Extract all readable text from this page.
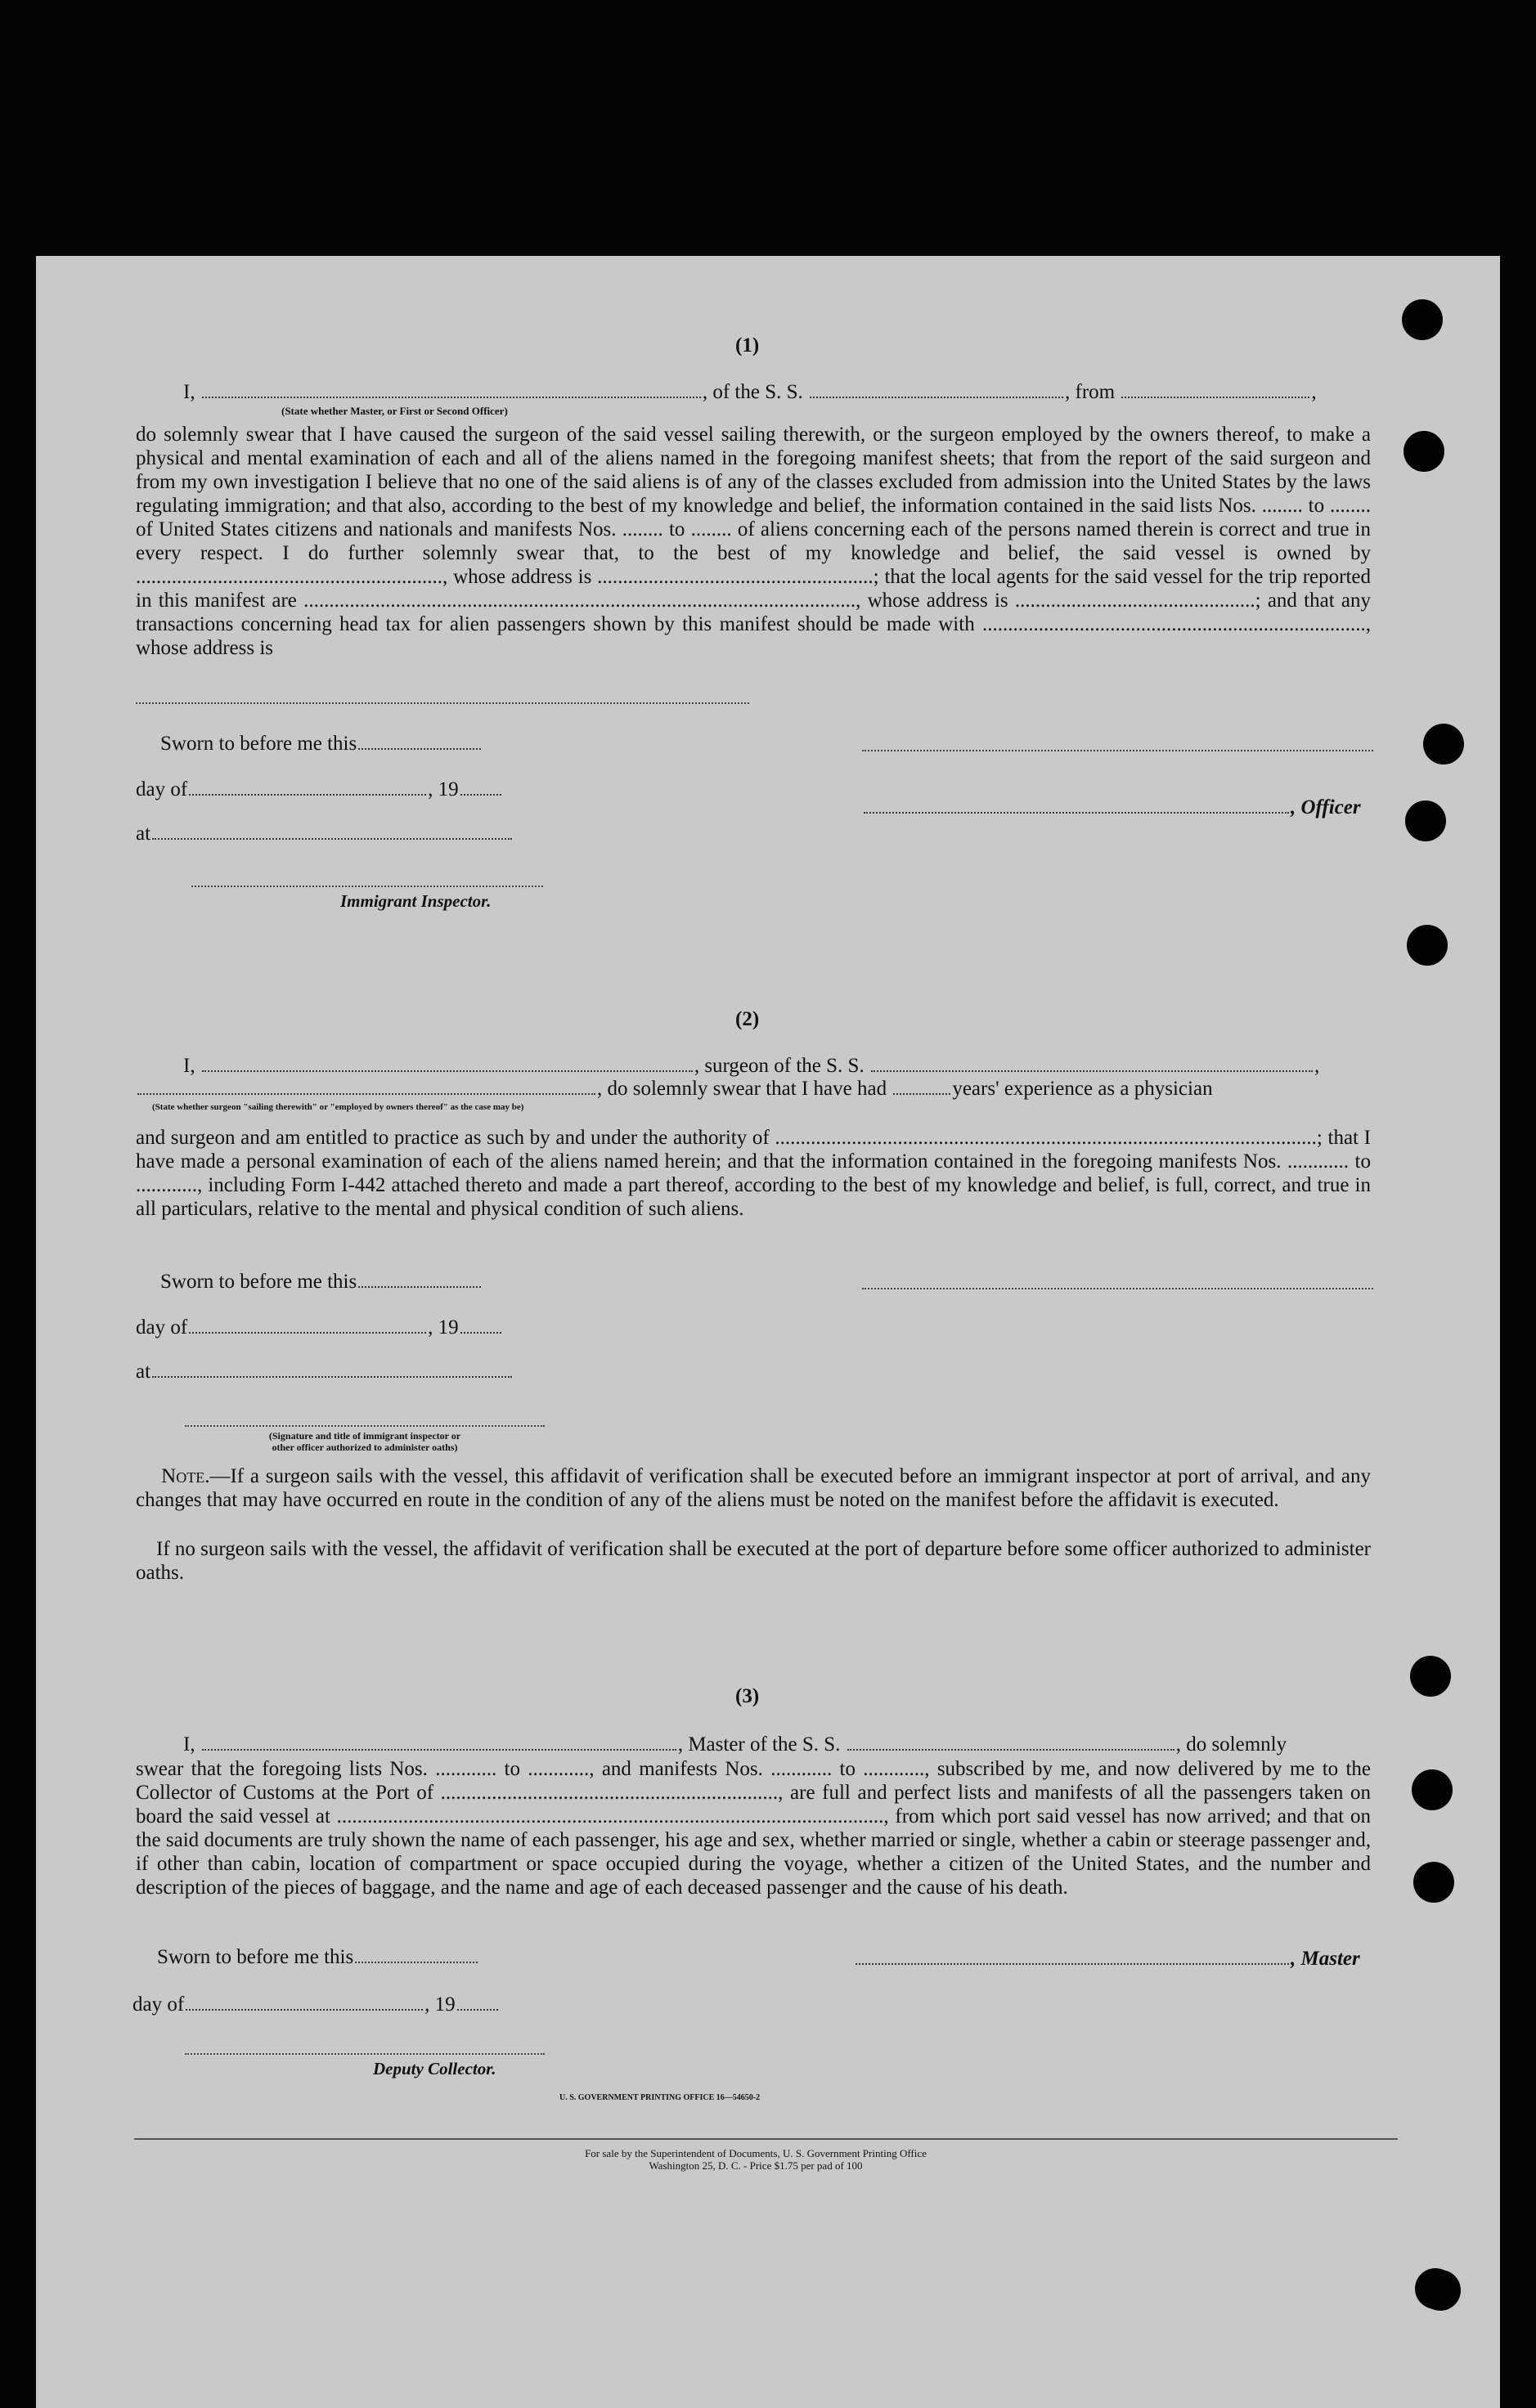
(1)
I,	, of the S. S.	, from	,
(State whether Master, or First or Second Officer)
do solemnly swear that I have caused the surgeon of the said vessel sailing therewith, or the surgeon employed by the owners thereof, to make a physical and mental examination of each and all of the aliens named in the foregoing manifest sheets; that from the report of the said surgeon and from my own investigation I believe that no one of the said aliens is of any of the classes excluded from admission into the United States by the laws regulating immigration; and that also, according to the best of my knowledge and belief, the information contained in the said lists Nos. ........ to ........ of United States citizens and nationals and manifests Nos. ........ to ........ of aliens concerning each of the persons named therein is correct and true in every respect. I do further solemnly swear that, to the best of my knowledge and belief, the said vessel is owned by ............................................................, whose address is ......................................................; that the local agents for the said vessel for the trip reported in this manifest are ............................................................................................................, whose address is ...............................................; and that any transactions concerning head tax for alien passengers shown by this manifest should be made with ..........................................................................., whose address is
Sworn to before me this
day of	, 19
, Officer
at
Immigrant Inspector.
(2)
I,	, surgeon of the S. S.	,
, do solemnly swear that I have had	years' experience as a physician
(State whether surgeon "sailing therewith" or "employed by owners thereof" as the case may be)
and surgeon and am entitled to practice as such by and under the authority of ..........................................................................................................; that I have made a personal examination of each of the aliens named herein; and that the information contained in the foregoing manifests Nos. ............ to ............, including Form I-442 attached thereto and made a part thereof, according to the best of my knowledge and belief, is full, correct, and true in all particulars, relative to the mental and physical condition of such aliens.
Sworn to before me this
day of	, 19
at
(Signature and title of immigrant inspector or
other officer authorized to administer oaths)
Note.—If a surgeon sails with the vessel, this affidavit of verification shall be executed before an immigrant inspector at port of arrival, and any changes that may have occurred en route in the condition of any of the aliens must be noted on the manifest before the affidavit is executed.
If no surgeon sails with the vessel, the affidavit of verification shall be executed at the port of departure before some officer authorized to administer oaths.
(3)
I,	, Master of the S. S.	, do solemnly
swear that the foregoing lists Nos. ............ to ............, and manifests Nos. ............ to ............, subscribed by me, and now delivered by me to the Collector of Customs at the Port of .................................................................., are full and perfect lists and manifests of all the passengers taken on board the said vessel at ..........................................................................................................., from which port said vessel has now arrived; and that on the said documents are truly shown the name of each passenger, his age and sex, whether married or single, whether a cabin or steerage passenger and, if other than cabin, location of compartment or space occupied during the voyage, whether a citizen of the United States, and the number and description of the pieces of baggage, and the name and age of each deceased passenger and the cause of his death.
Sworn to before me this	, Master
day of	, 19
Deputy Collector.
U. S. GOVERNMENT PRINTING OFFICE 16—54650-2
For sale by the Superintendent of Documents, U. S. Government Printing Office
Washington 25, D. C. - Price $1.75 per pad of 100
